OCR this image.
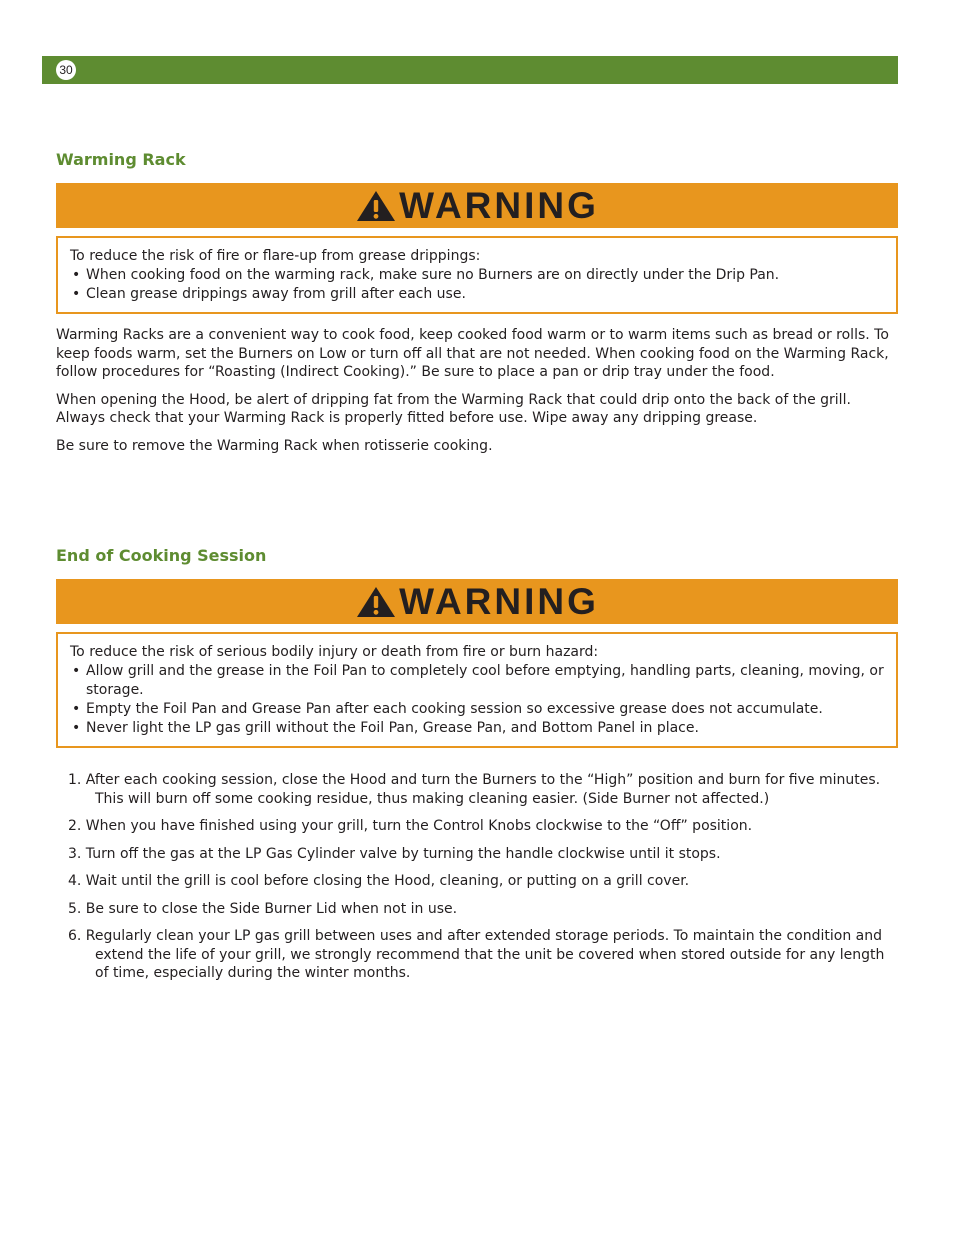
30
Warming Rack
WARNING

To reduce the risk of fire or flare-up from grease drippings:

• When cooking food on the warming rack, make sure no Burners are on directly under the Drip Pan.
• Clean grease drippings away from grill after each use.

Warming Racks are a convenient way to cook food, keep cooked food warm or to warm items such as bread or rolls. To keep foods warm, set the Burners on Low or turn off all that are not needed. When cooking food on the Warming Rack, follow procedures for “Roasting (Indirect Cooking).” Be sure to place a pan or drip tray under the food.

When opening the Hood, be alert of dripping fat from the Warming Rack that could drip onto the back of the grill. Always check that your Warming Rack is properly fitted before use. Wipe away any dripping grease.

Be sure to remove the Warming Rack when rotisserie cooking.

End of Cooking Session
WARNING

To reduce the risk of serious bodily injury or death from fire or burn hazard:

• Allow grill and the grease in the Foil Pan to completely cool before emptying, handling parts, cleaning, moving, or storage.
• Empty the Foil Pan and Grease Pan after each cooking session so excessive grease does not accumulate.
• Never light the LP gas grill without the Foil Pan, Grease Pan, and Bottom Panel in place.
1. After each cooking session, close the Hood and turn the Burners to the “High” position and burn for five minutes. This will burn off some cooking residue, thus making cleaning easier. (Side Burner not affected.)
2. When you have finished using your grill, turn the Control Knobs clockwise to the “Off” position.
3. Turn off the gas at the LP Gas Cylinder valve by turning the handle clockwise until it stops.
4. Wait until the grill is cool before closing the Hood, cleaning, or putting on a grill cover.
5. Be sure to close the Side Burner Lid when not in use.
6. Regularly clean your LP gas grill between uses and after extended storage periods. To maintain the condition and extend the life of your grill, we strongly recommend that the unit be covered when stored outside for any length of time, especially during the winter months.
